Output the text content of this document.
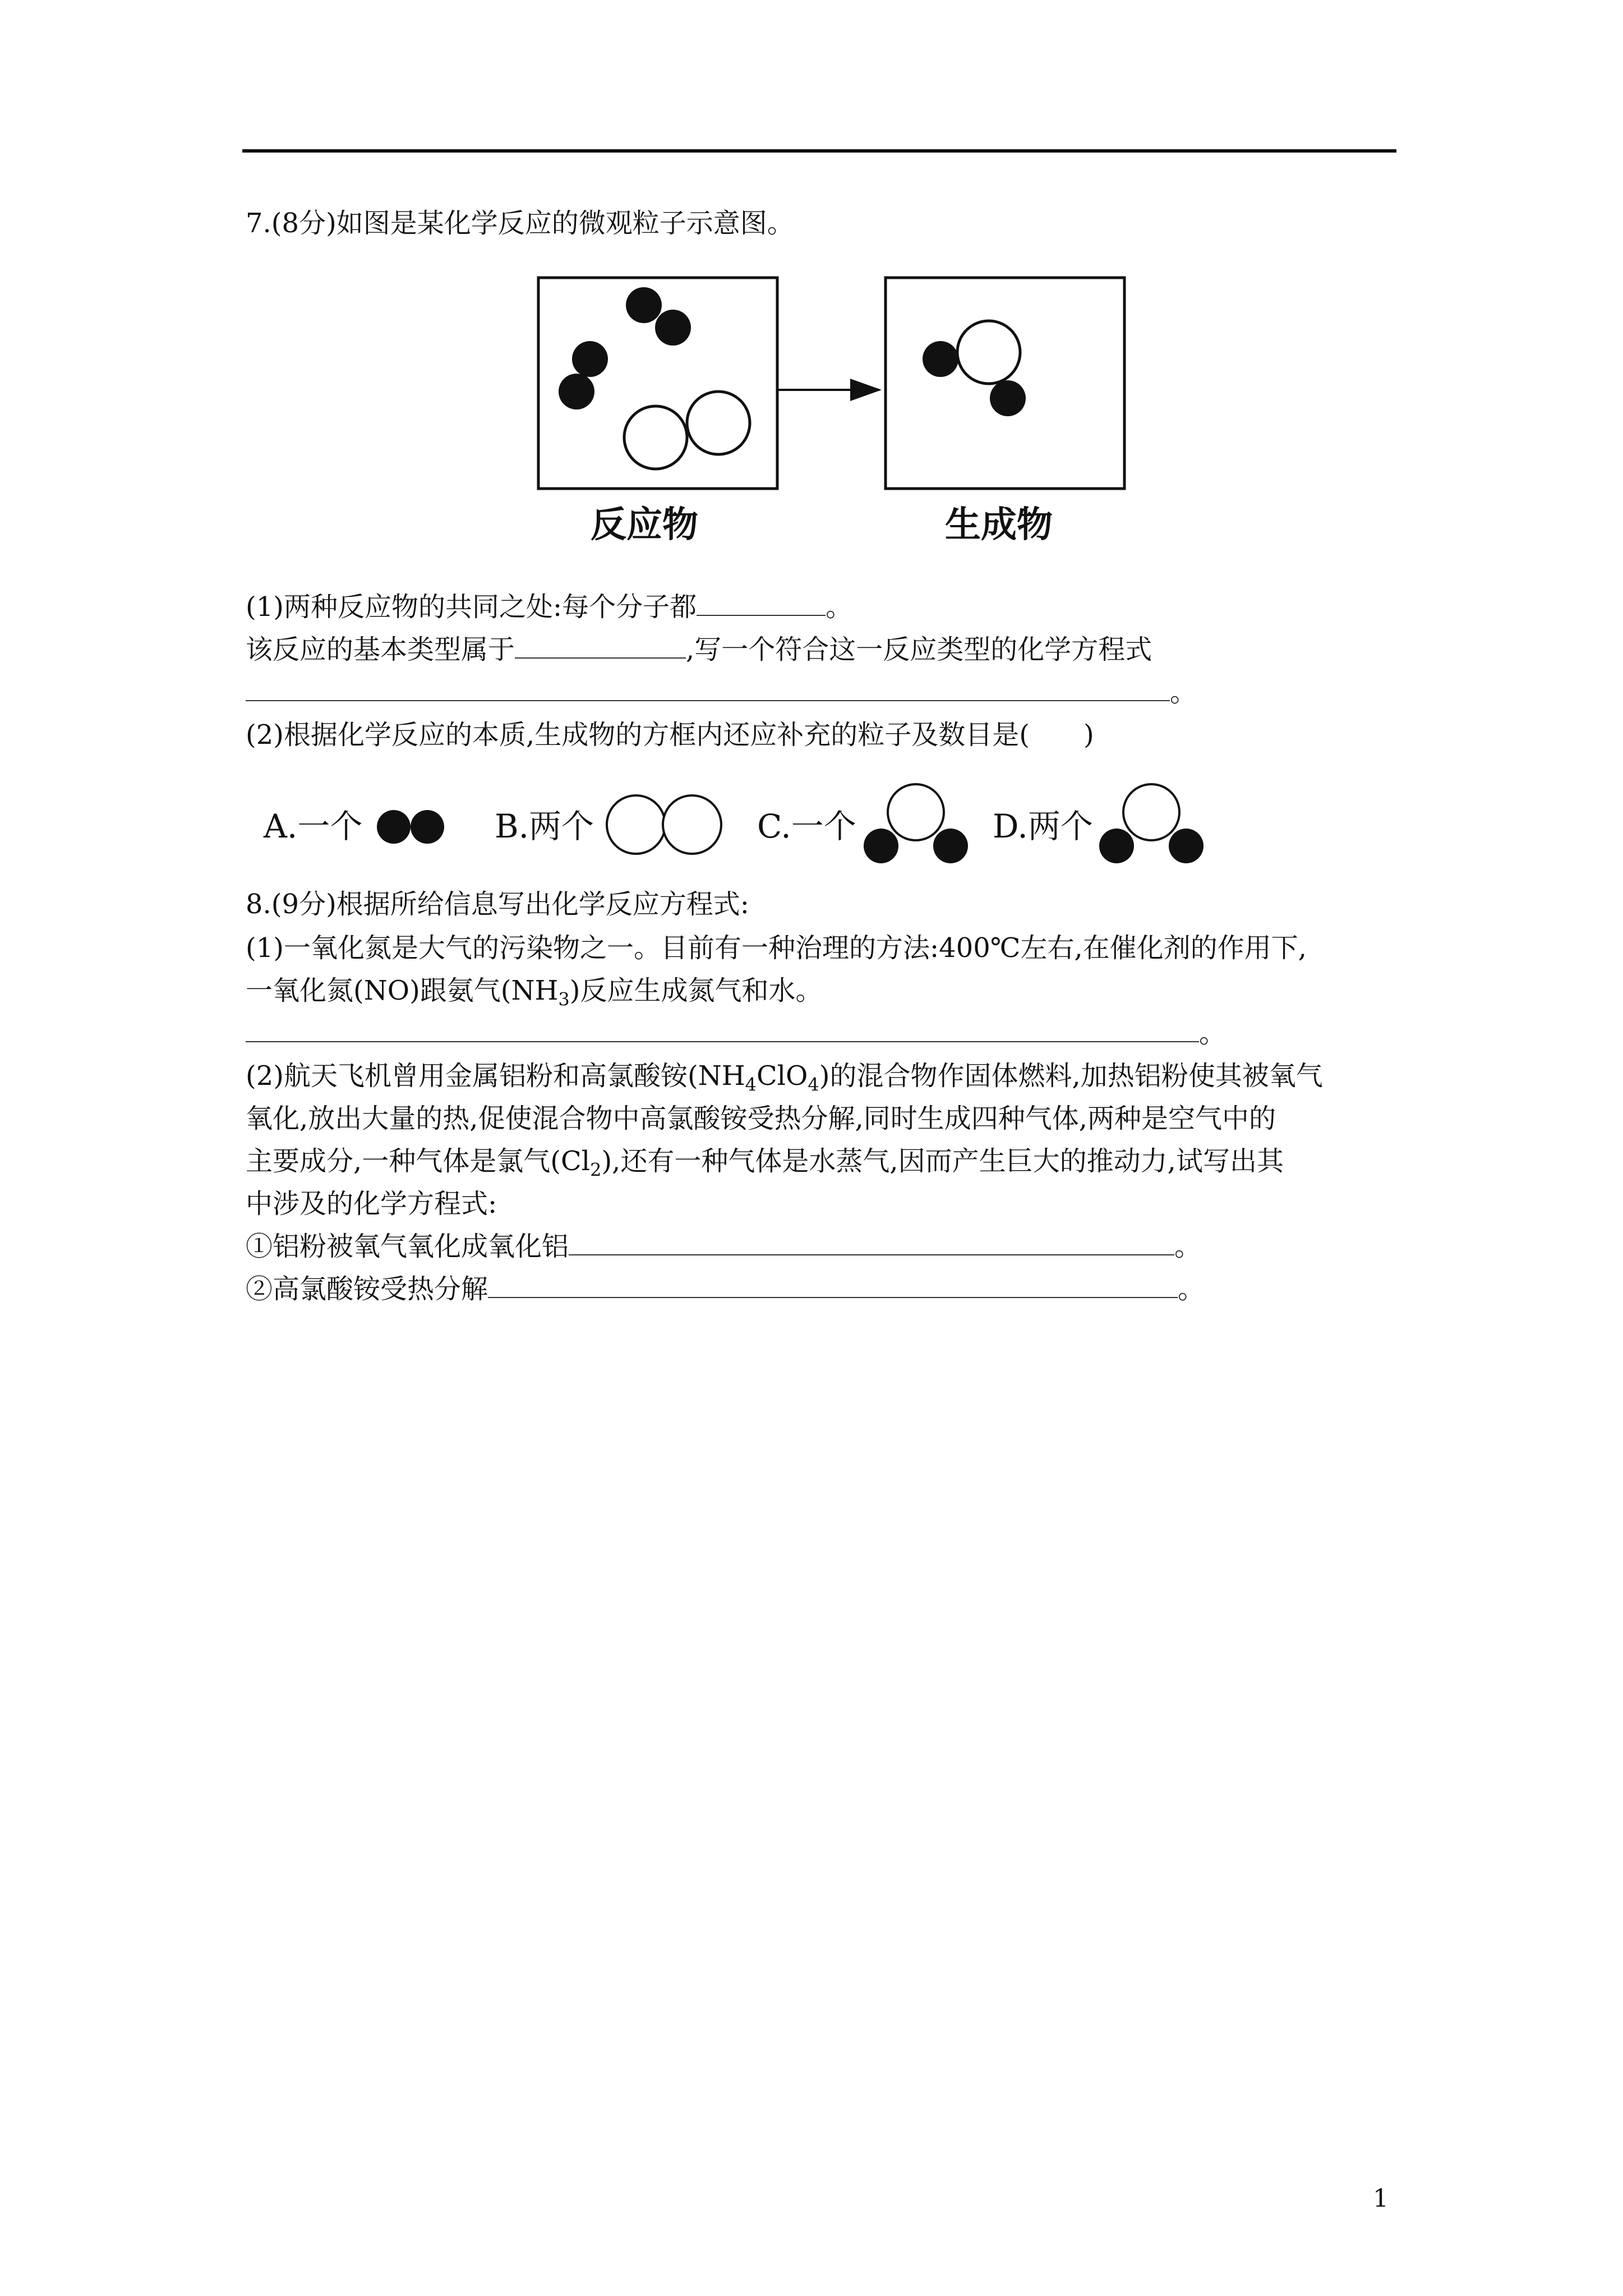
7.(8分)如图是某化学反应的微观粒子示意图。
反应物	生成物
(1)两种反应物的共同之处:每个分子都	。
该反应的基本类型属于	,写一个符合这一反应类型的化学方程式
。
(2)根据化学反应的本质,生成物的方框内还应补充的粒子及数目是(　　)
A.一个	B.两个	C.一个	D.两个
8.(9分)根据所给信息写出化学反应方程式:
(1)一氧化氮是大气的污染物之一。目前有一种治理的方法:400℃左右,在催化剂的作用下,
一氧化氮(NO)跟氨气$(NH_3)$反应生成氮气和水。
。
(2)航天飞机曾用金属铝粉和高氯酸铵$(NH_4ClO_4)$的混合物作固体燃料,加热铝粉使其被氧气
氧化,放出大量的热,促使混合物中高氯酸铵受热分解,同时生成四种气体,两种是空气中的
主要成分,一种气体是氯气$(Cl_2)$,还有一种气体是水蒸气,因而产生巨大的推动力,试写出其
中涉及的化学方程式:
①铝粉被氧气氧化成氧化铝	。
②高氯酸铵受热分解	。
1
